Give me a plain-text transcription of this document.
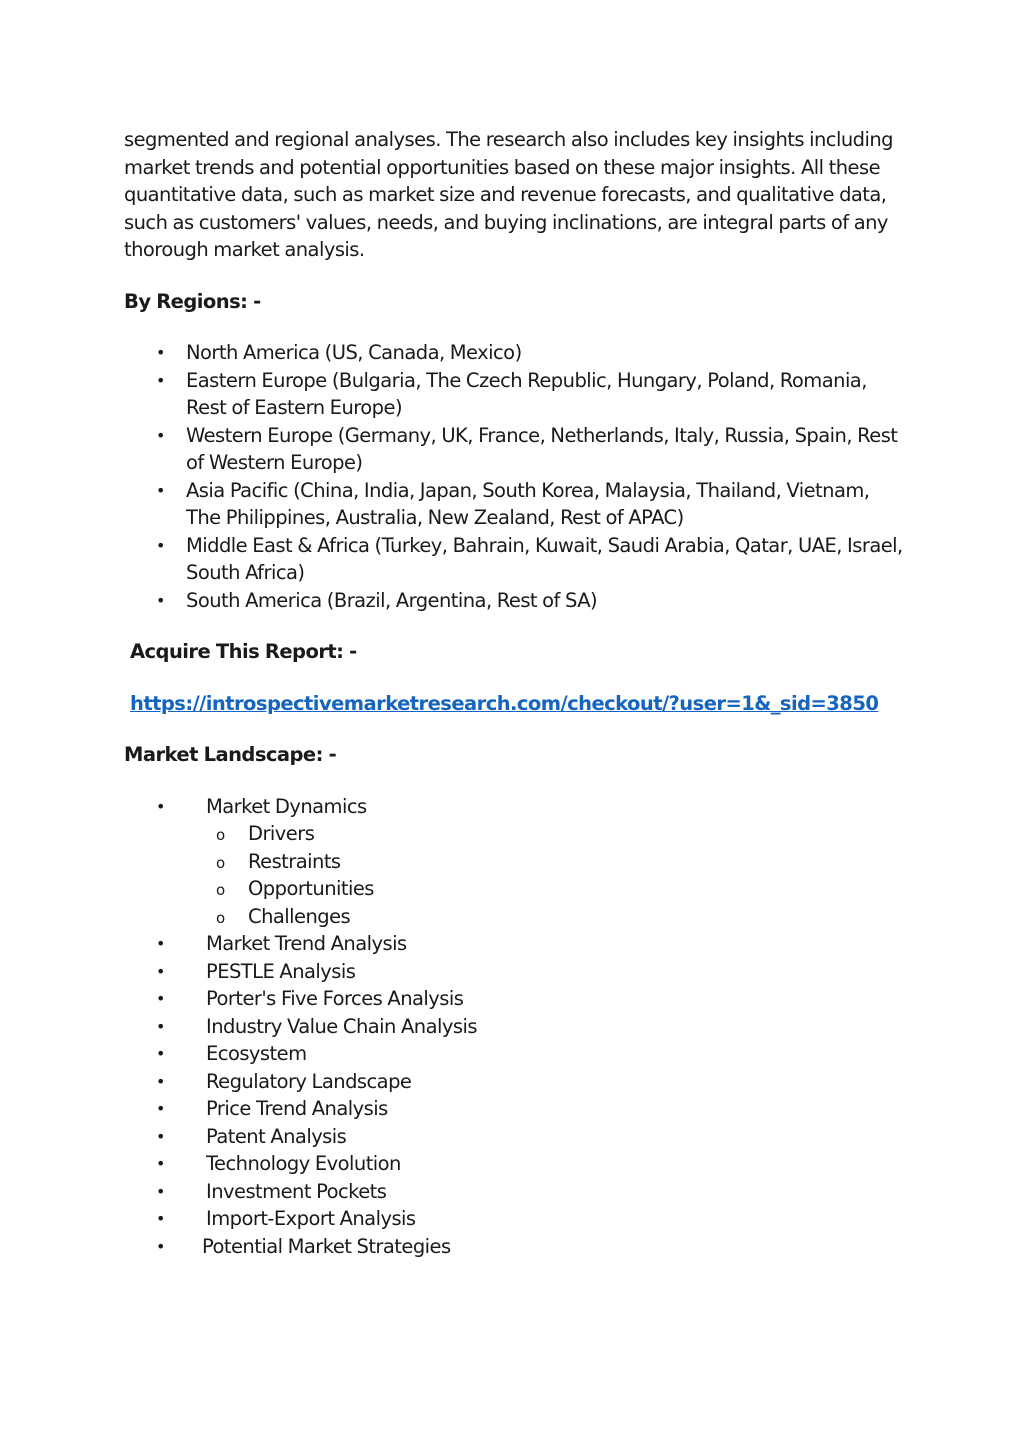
segmented and regional analyses. The research also includes key insights including market trends and potential opportunities based on these major insights. All these quantitative data, such as market size and revenue forecasts, and qualitative data, such as customers' values, needs, and buying inclinations, are integral parts of any thorough market analysis.

By Regions: -

• North America (US, Canada, Mexico)
• Eastern Europe (Bulgaria, The Czech Republic, Hungary, Poland, Romania, Rest of Eastern Europe)
• Western Europe (Germany, UK, France, Netherlands, Italy, Russia, Spain, Rest of Western Europe)
• Asia Pacific (China, India, Japan, South Korea, Malaysia, Thailand, Vietnam, The Philippines, Australia, New Zealand, Rest of APAC)
• Middle East & Africa (Turkey, Bahrain, Kuwait, Saudi Arabia, Qatar, UAE, Israel, South Africa)
• South America (Brazil, Argentina, Rest of SA)

Acquire This Report: -

https://introspectivemarketresearch.com/checkout/?user=1&_sid=3850

Market Landscape: -

• Market Dynamics
o Drivers
o Restraints
o Opportunities
o Challenges
• Market Trend Analysis
• PESTLE Analysis
• Porter's Five Forces Analysis
• Industry Value Chain Analysis
• Ecosystem
• Regulatory Landscape
• Price Trend Analysis
• Patent Analysis
• Technology Evolution
• Investment Pockets
• Import-Export Analysis
• Potential Market Strategies
